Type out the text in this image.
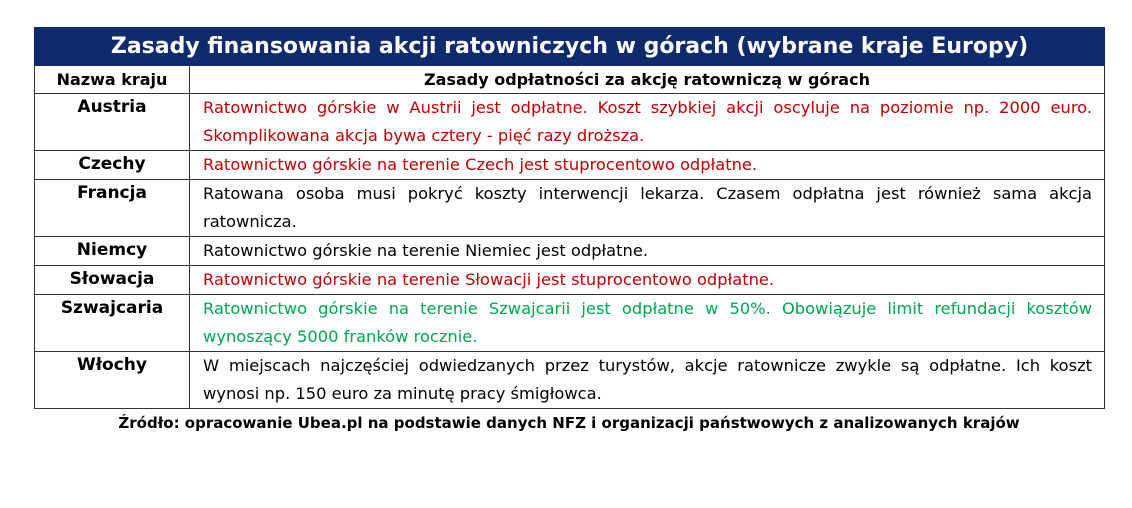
Zasady finansowania akcji ratowniczych w górach (wybrane kraje Europy)	
Nazwa kraju	Zasady odpłatności za akcję ratowniczą w górach
Austria	Ratownictwo górskie w Austrii jest odpłatne. Koszt szybkiej akcji oscyluje na poziomie np. 2000 euro. Skomplikowana akcja bywa cztery - pięć razy droższa.
Czechy	Ratownictwo górskie na terenie Czech jest stuprocentowo odpłatne.
Francja	Ratowana osoba musi pokryć koszty interwencji lekarza. Czasem odpłatna jest również sama akcja ratownicza.
Niemcy	Ratownictwo górskie na terenie Niemiec jest odpłatne.
Słowacja	Ratownictwo górskie na terenie Słowacji jest stuprocentowo odpłatne.
Szwajcaria	Ratownictwo górskie na terenie Szwajcarii jest odpłatne w 50%. Obowiązuje limit refundacji kosztów wynoszący 5000 franków rocznie.
Włochy	W miejscach najczęściej odwiedzanych przez turystów, akcje ratownicze zwykle są odpłatne. Ich koszt wynosi np. 150 euro za minutę pracy śmigłowca.
Źródło: opracowanie Ubea.pl na podstawie danych NFZ i organizacji państwowych z analizowanych krajów
